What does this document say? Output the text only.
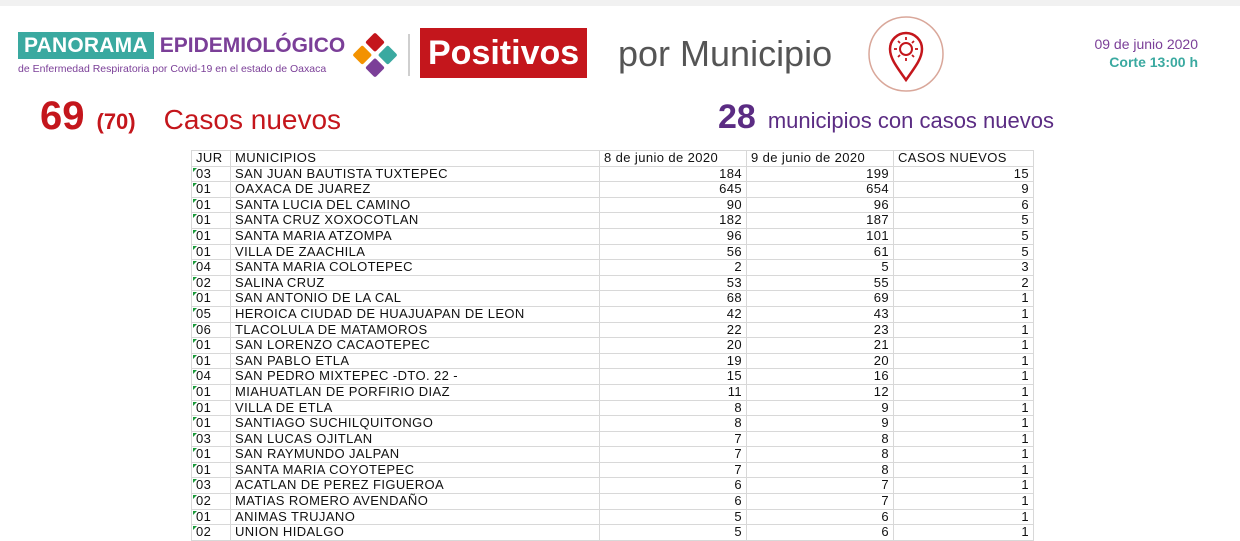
PANORAMA EPIDEMIOLÓGICO
de Enfermedad Respiratoria por Covid-19 en el estado de Oaxaca	Positivos por Municipio	09 de junio 2020
Corte 13:00 h
69 (70) Casos nuevos	28 municipios con casos nuevos
JUR	MUNICIPIOS	8 de junio de 2020	9 de junio de 2020	CASOS NUEVOS
03	SAN JUAN BAUTISTA TUXTEPEC	184	199	15
01	OAXACA DE JUAREZ	645	654	9
01	SANTA LUCIA DEL CAMINO	90	96	6
01	SANTA CRUZ XOXOCOTLAN	182	187	5
01	SANTA MARIA ATZOMPA	96	101	5
01	VILLA DE ZAACHILA	56	61	5
04	SANTA MARIA COLOTEPEC	2	5	3
02	SALINA CRUZ	53	55	2
01	SAN ANTONIO DE LA CAL	68	69	1
05	HEROICA CIUDAD DE HUAJUAPAN DE LEON	42	43	1
06	TLACOLULA DE MATAMOROS	22	23	1
01	SAN LORENZO CACAOTEPEC	20	21	1
01	SAN PABLO ETLA	19	20	1
04	SAN PEDRO MIXTEPEC -DTO. 22 -	15	16	1
01	MIAHUATLAN DE PORFIRIO DIAZ	11	12	1
01	VILLA DE ETLA	8	9	1
01	SANTIAGO SUCHILQUITONGO	8	9	1
03	SAN LUCAS OJITLAN	7	8	1
01	SAN RAYMUNDO JALPAN	7	8	1
01	SANTA MARIA COYOTEPEC	7	8	1
03	ACATLAN DE PEREZ FIGUEROA	6	7	1
02	MATIAS ROMERO AVENDAÑO	6	7	1
01	ANIMAS TRUJANO	5	6	1
02	UNION HIDALGO	5	6	1
